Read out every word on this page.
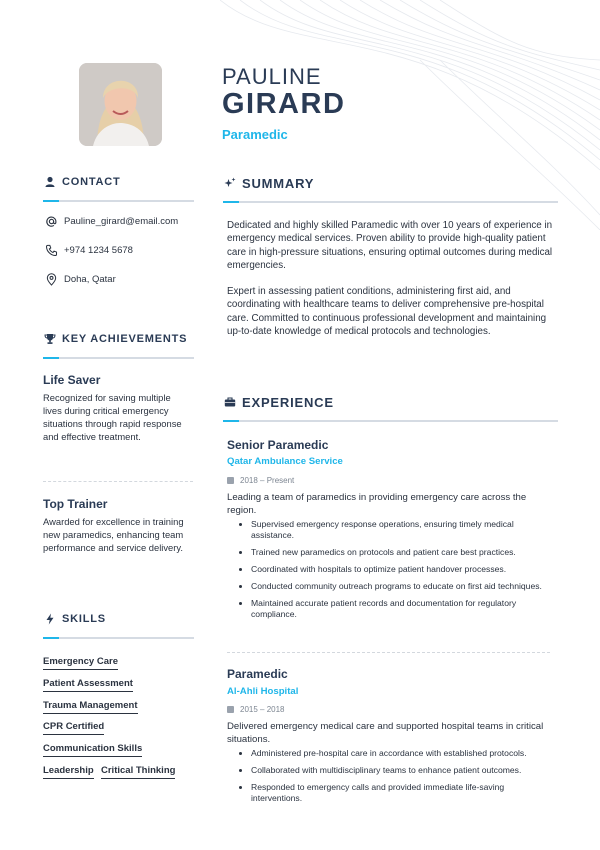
PAULINE
GIRARD
Paramedic
CONTACT
Pauline_girard@email.com
+974 1234 5678
Doha, Qatar
KEY ACHIEVEMENTS
Life Saver
Recognized for saving multiple lives during critical emergency situations through rapid response and effective treatment.
Top Trainer
Awarded for excellence in training new paramedics, enhancing team performance and service delivery.
SKILLS
Emergency Care
Patient Assessment
Trauma Management
CPR Certified
Communication Skills
Leadership Critical Thinking
SUMMARY

Dedicated and highly skilled Paramedic with over 10 years of experience in emergency medical services. Proven ability to provide high-quality patient care in high-pressure situations, ensuring optimal outcomes during medical emergencies.

Expert in assessing patient conditions, administering first aid, and coordinating with healthcare teams to deliver comprehensive pre-hospital care. Committed to continuous professional development and maintaining up-to-date knowledge of medical protocols and technologies.

EXPERIENCE
Senior Paramedic
Qatar Ambulance Service
2018 – Present

Leading a team of paramedics in providing emergency care across the region.

Supervised emergency response operations, ensuring timely medical assistance.
Trained new paramedics on protocols and patient care best practices.
Coordinated with hospitals to optimize patient handover processes.
Conducted community outreach programs to educate on first aid techniques.
Maintained accurate patient records and documentation for regulatory compliance.
Paramedic
Al-Ahli Hospital
2015 – 2018

Delivered emergency medical care and supported hospital teams in critical situations.

Administered pre-hospital care in accordance with established protocols.
Collaborated with multidisciplinary teams to enhance patient outcomes.
Responded to emergency calls and provided immediate life-saving interventions.
